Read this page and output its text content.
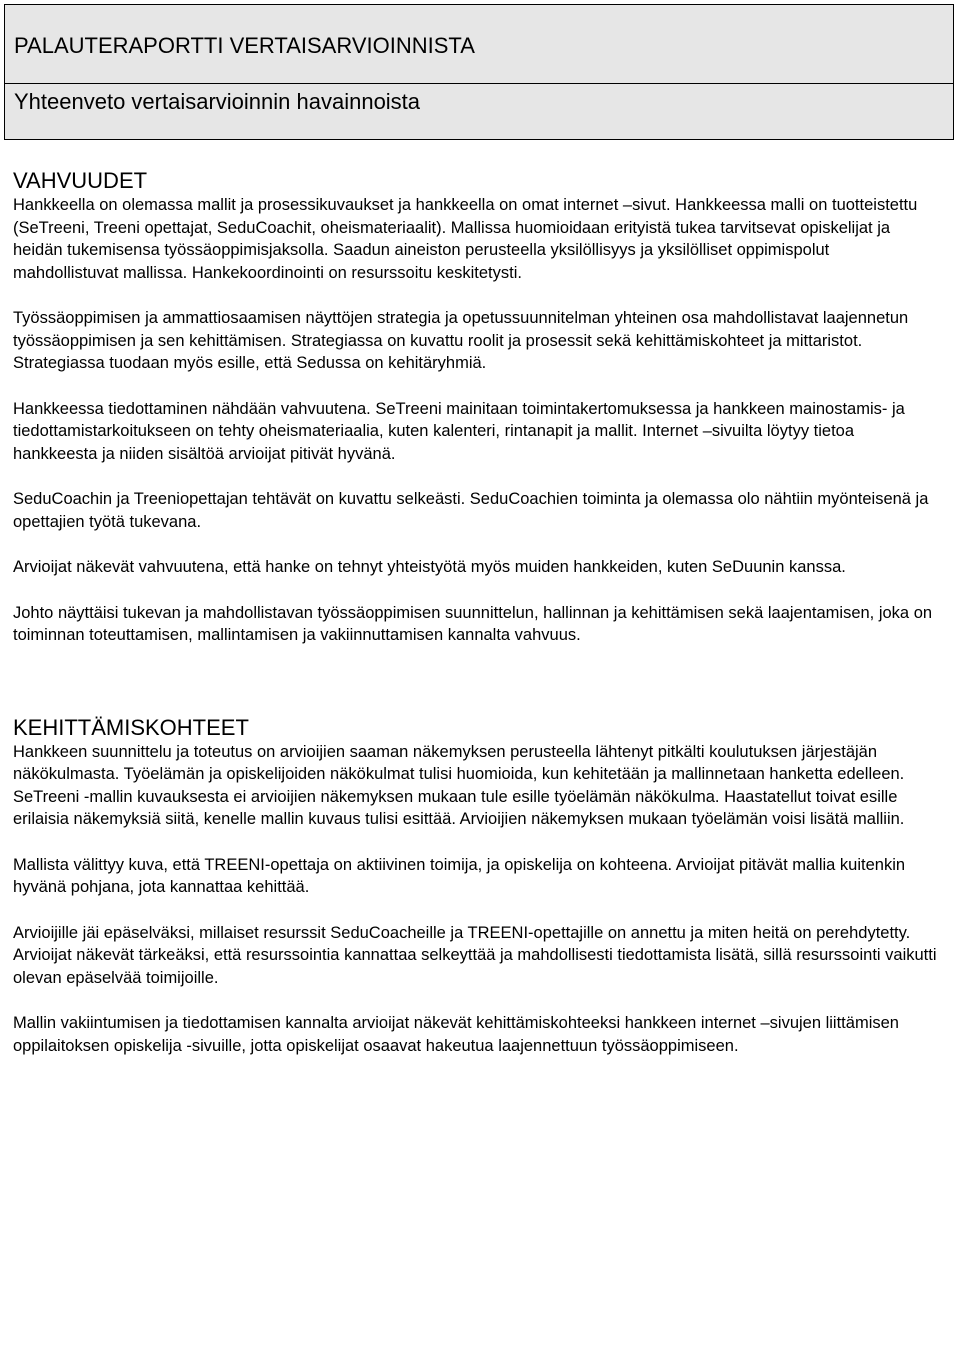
PALAUTERAPORTTI VERTAISARVIOINNISTA
Yhteenveto vertaisarvioinnin havainnoista
VAHVUUDET

Hankkeella on olemassa mallit ja prosessikuvaukset ja hankkeella on omat internet –sivut. Hankkeessa malli on tuotteistettu (SeTreeni, Treeni opettajat, SeduCoachit, oheismateriaalit). Mallissa huomioidaan erityistä tukea tarvitsevat opiskelijat ja heidän tukemisensa työssäoppimisjaksolla. Saadun aineiston perusteella yksilöllisyys ja yksilölliset oppimispolut mahdollistuvat mallissa. Hankekoordinointi on resurssoitu keskitetysti.

Työssäoppimisen ja ammattiosaamisen näyttöjen strategia ja opetussuunnitelman yhteinen osa mahdollistavat laajennetun työssäoppimisen ja sen kehittämisen. Strategiassa on kuvattu roolit ja prosessit sekä kehittämiskohteet ja mittaristot. Strategiassa tuodaan myös esille, että Sedussa on kehitäryhmiä.

Hankkeessa tiedottaminen nähdään vahvuutena. SeTreeni mainitaan toimintakertomuksessa ja hankkeen mainostamis- ja tiedottamistarkoitukseen on tehty oheismateriaalia, kuten kalenteri, rintanapit ja mallit. Internet –sivuilta löytyy tietoa hankkeesta ja niiden sisältöä arvioijat pitivät hyvänä.

SeduCoachin ja Treeniopettajan tehtävät on kuvattu selkeästi. SeduCoachien toiminta ja olemassa olo nähtiin myönteisenä ja opettajien työtä tukevana.

Arvioijat näkevät vahvuutena, että hanke on tehnyt yhteistyötä myös muiden hankkeiden, kuten SeDuunin kanssa.

Johto näyttäisi tukevan ja mahdollistavan työssäoppimisen suunnittelun, hallinnan ja kehittämisen sekä laajentamisen, joka on toiminnan toteuttamisen, mallintamisen ja vakiinnuttamisen kannalta vahvuus.

KEHITTÄMISKOHTEET

Hankkeen suunnittelu ja toteutus on arvioijien saaman näkemyksen perusteella lähtenyt pitkälti koulutuksen järjestäjän näkökulmasta. Työelämän ja opiskelijoiden näkökulmat tulisi huomioida, kun kehitetään ja mallinnetaan hanketta edelleen. SeTreeni -mallin kuvauksesta ei arvioijien näkemyksen mukaan tule esille työelämän näkökulma. Haastatellut toivat esille erilaisia näkemyksiä siitä, kenelle mallin kuvaus tulisi esittää. Arvioijien näkemyksen mukaan työelämän voisi lisätä malliin.

Mallista välittyy kuva, että TREENI-opettaja on aktiivinen toimija, ja opiskelija on kohteena. Arvioijat pitävät mallia kuitenkin hyvänä pohjana, jota kannattaa kehittää.

Arvioijille jäi epäselväksi, millaiset resurssit SeduCoacheille ja TREENI-opettajille on annettu ja miten heitä on perehdytetty. Arvioijat näkevät tärkeäksi, että resurssointia kannattaa selkeyttää ja mahdollisesti tiedottamista lisätä, sillä resurssointi vaikutti olevan epäselvää toimijoille.

Mallin vakiintumisen ja tiedottamisen kannalta arvioijat näkevät kehittämiskohteeksi hankkeen internet –sivujen liittämisen oppilaitoksen opiskelija -sivuille, jotta opiskelijat osaavat hakeutua laajennettuun työssäoppimiseen.
